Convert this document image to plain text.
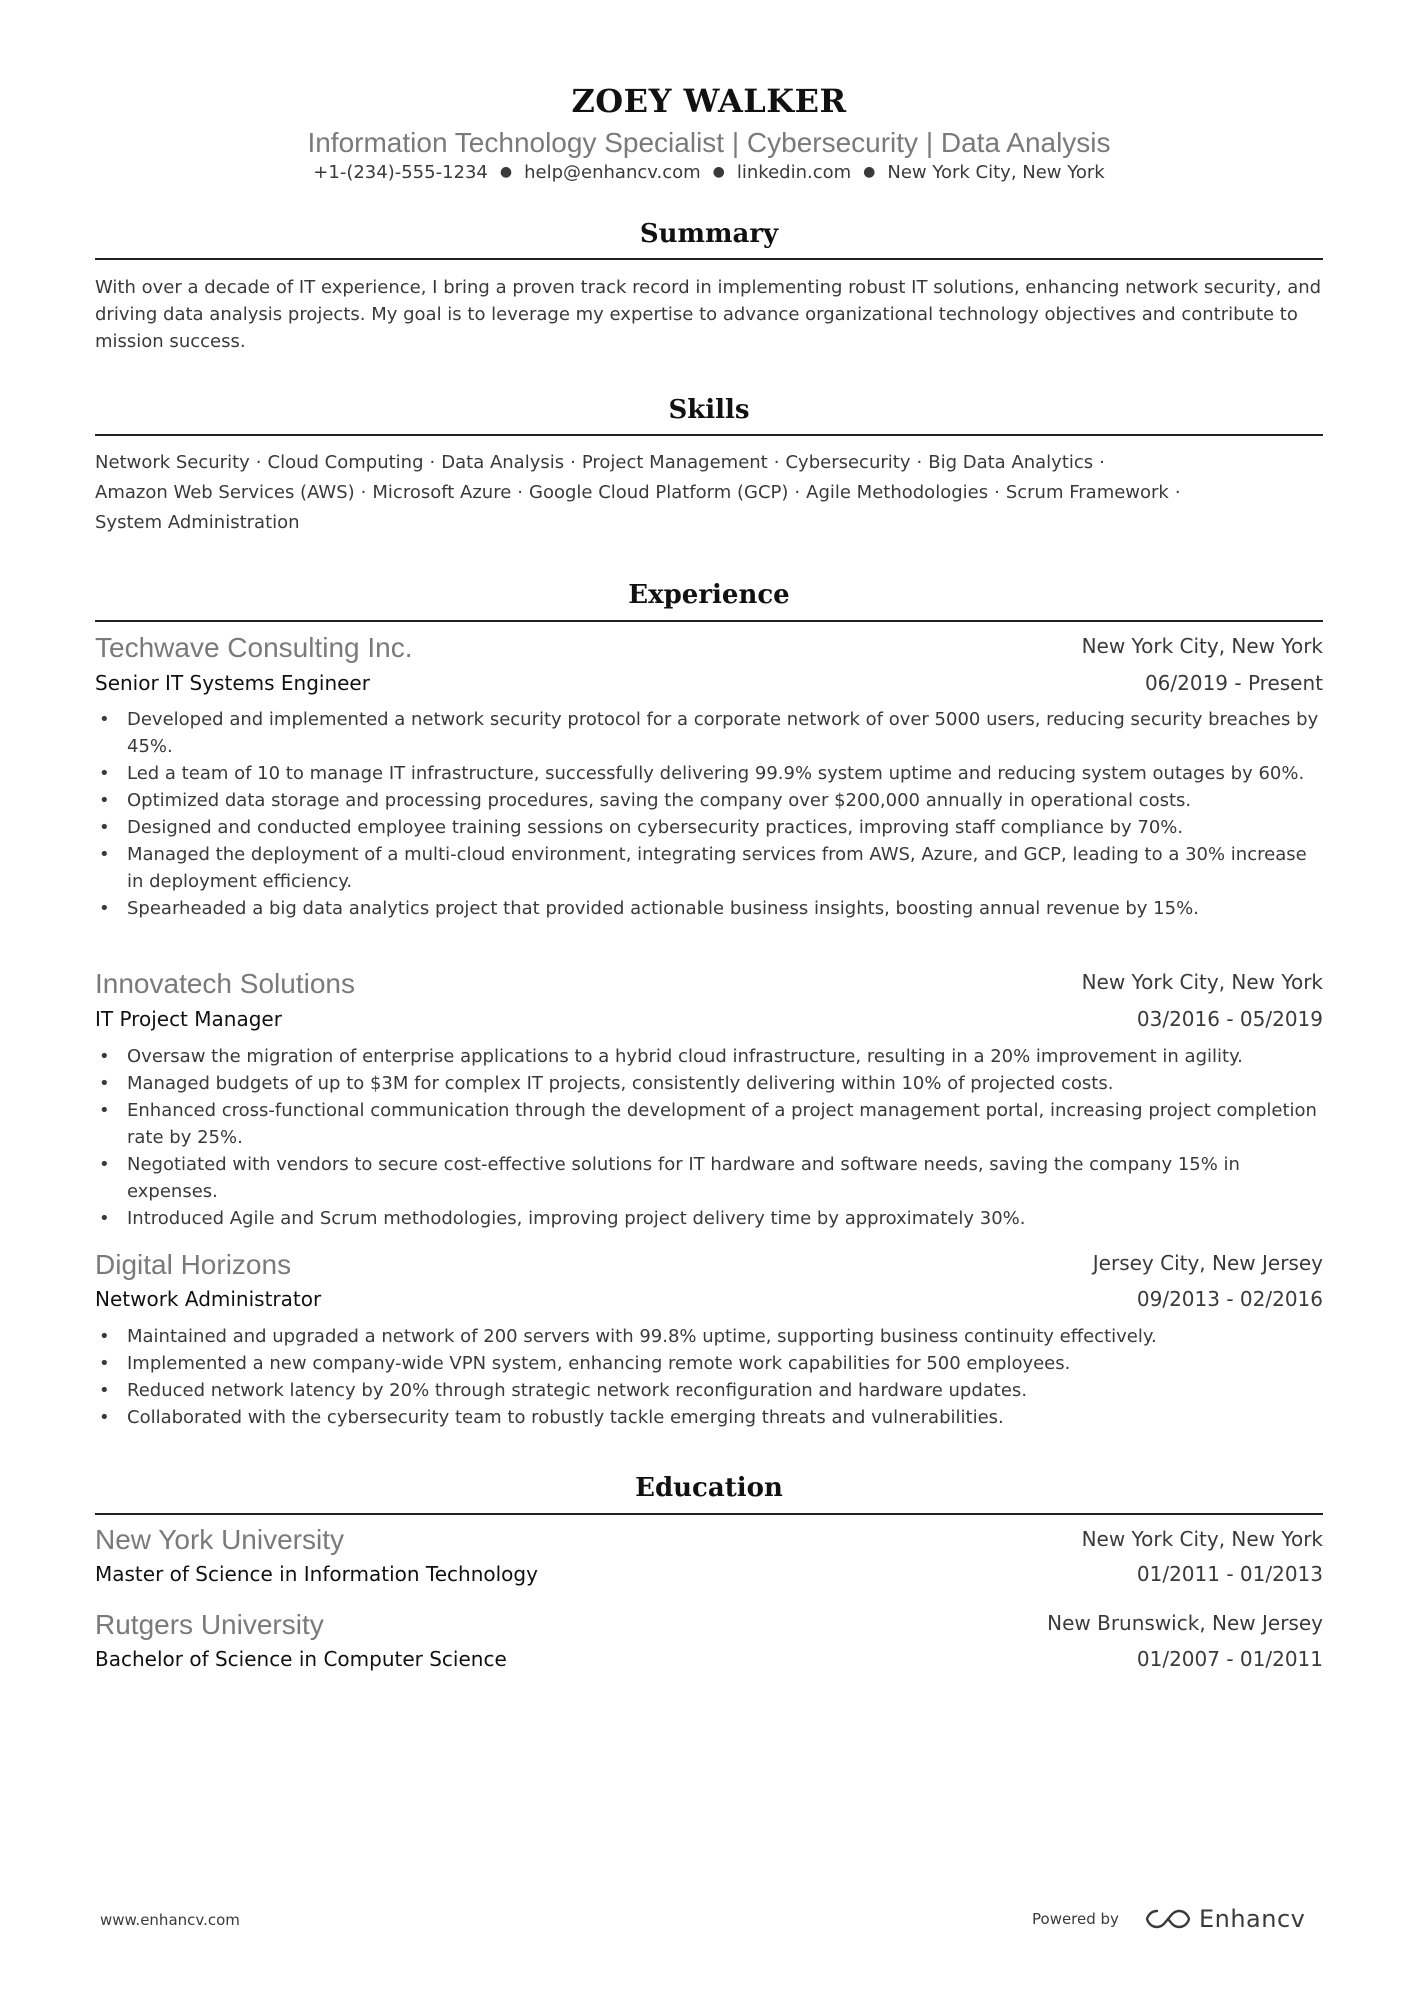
ZOEY WALKER
Information Technology Specialist | Cybersecurity | Data Analysis
+1-(234)-555-1234 ● help@enhancv.com ● linkedin.com ● New York City, New York
Summary
With over a decade of IT experience, I bring a proven track record in implementing robust IT solutions, enhancing network security, and driving data analysis projects. My goal is to leverage my expertise to advance organizational technology objectives and contribute to mission success.
Skills
Network Security · Cloud Computing · Data Analysis · Project Management · Cybersecurity · Big Data Analytics ·
Amazon Web Services (AWS) · Microsoft Azure · Google Cloud Platform (GCP) · Agile Methodologies · Scrum Framework ·
System Administration
Experience
Techwave Consulting Inc.	New York City, New York
Senior IT Systems Engineer	06/2019 - Present
• Developed and implemented a network security protocol for a corporate network of over 5000 users, reducing security breaches by 45%.
• Led a team of 10 to manage IT infrastructure, successfully delivering 99.9% system uptime and reducing system outages by 60%.
• Optimized data storage and processing procedures, saving the company over $200,000 annually in operational costs.
• Designed and conducted employee training sessions on cybersecurity practices, improving staff compliance by 70%.
• Managed the deployment of a multi-cloud environment, integrating services from AWS, Azure, and GCP, leading to a 30% increase in deployment efficiency.
• Spearheaded a big data analytics project that provided actionable business insights, boosting annual revenue by 15%.
Innovatech Solutions	New York City, New York
IT Project Manager	03/2016 - 05/2019
• Oversaw the migration of enterprise applications to a hybrid cloud infrastructure, resulting in a 20% improvement in agility.
• Managed budgets of up to $3M for complex IT projects, consistently delivering within 10% of projected costs.
• Enhanced cross-functional communication through the development of a project management portal, increasing project completion rate by 25%.
• Negotiated with vendors to secure cost-effective solutions for IT hardware and software needs, saving the company 15% in expenses.
• Introduced Agile and Scrum methodologies, improving project delivery time by approximately 30%.
Digital Horizons	Jersey City, New Jersey
Network Administrator	09/2013 - 02/2016
• Maintained and upgraded a network of 200 servers with 99.8% uptime, supporting business continuity effectively.
• Implemented a new company-wide VPN system, enhancing remote work capabilities for 500 employees.
• Reduced network latency by 20% through strategic network reconfiguration and hardware updates.
• Collaborated with the cybersecurity team to robustly tackle emerging threats and vulnerabilities.
Education
New York University	New York City, New York
Master of Science in Information Technology	01/2011 - 01/2013
Rutgers University	New Brunswick, New Jersey
Bachelor of Science in Computer Science	01/2007 - 01/2011
www.enhancv.com	Powered by	Enhancv
